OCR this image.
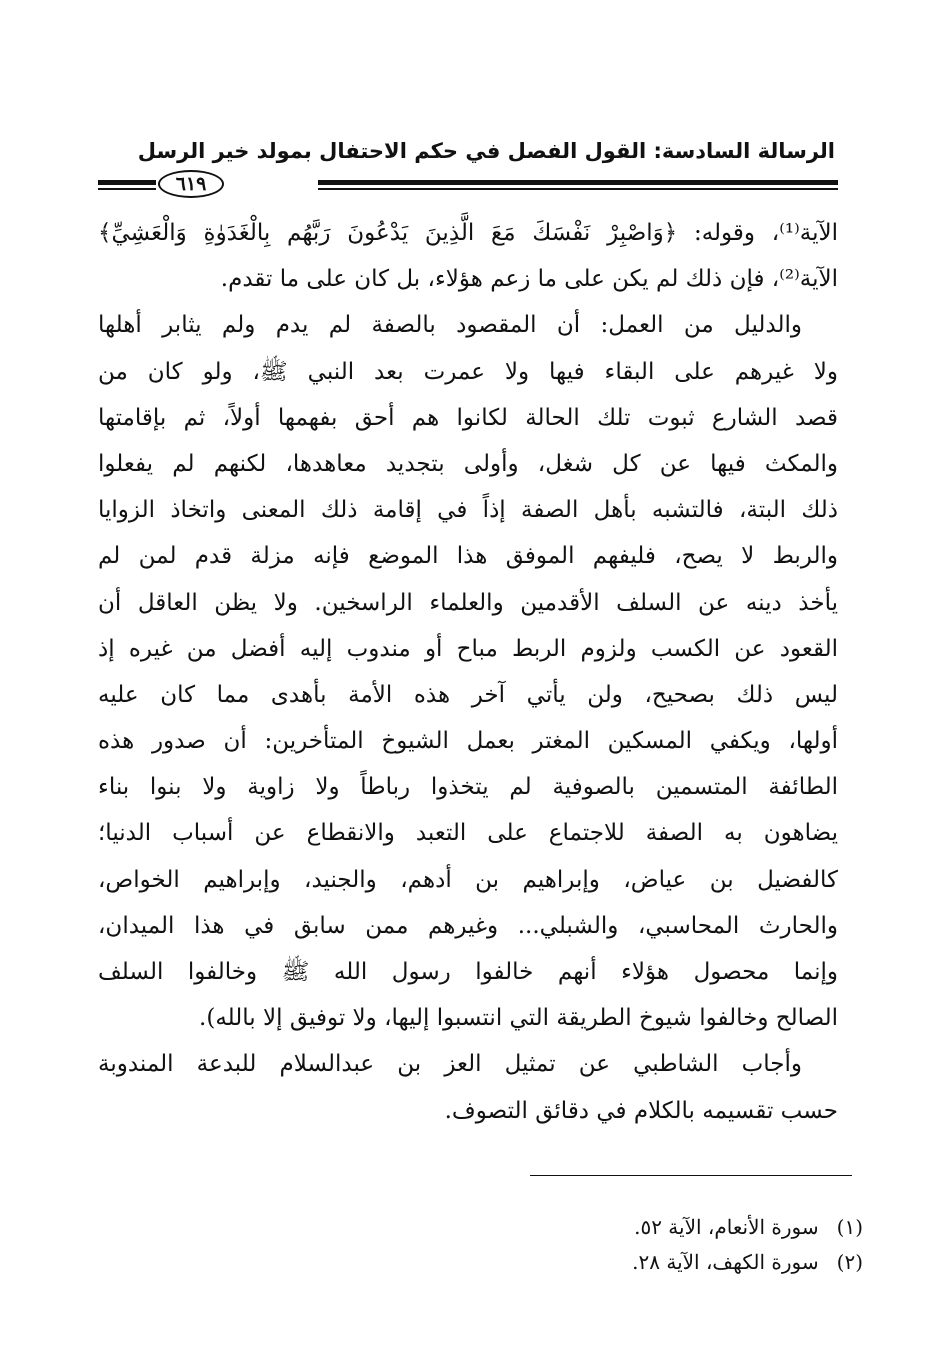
الرسالة السادسة: القول الفصل في حكم الاحتفال بمولد خير الرسل
٦١٩
الآية⁽¹⁾، وقوله: ﴿وَاصْبِرْ نَفْسَكَ مَعَ الَّذِينَ يَدْعُونَ رَبَّهُم بِالْغَدَوٰةِ وَالْعَشِيِّ﴾
الآية⁽²⁾، فإن ذلك لم يكن على ما زعم هؤلاء، بل كان على ما تقدم.
والدليل من العمل: أن المقصود بالصفة لم يدم ولم يثابر أهلها
ولا غيرهم على البقاء فيها ولا عمرت بعد النبي ﷺ، ولو كان من
قصد الشارع ثبوت تلك الحالة لكانوا هم أحق بفهمها أولاً، ثم بإقامتها
والمكث فيها عن كل شغل، وأولى بتجديد معاهدها، لكنهم لم يفعلوا
ذلك البتة، فالتشبه بأهل الصفة إذاً في إقامة ذلك المعنى واتخاذ الزوايا
والربط لا يصح، فليفهم الموفق هذا الموضع فإنه مزلة قدم لمن لم
يأخذ دينه عن السلف الأقدمين والعلماء الراسخين. ولا يظن العاقل أن
القعود عن الكسب ولزوم الربط مباح أو مندوب إليه أفضل من غيره إذ
ليس ذلك بصحيح، ولن يأتي آخر هذه الأمة بأهدى مما كان عليه
أولها، ويكفي المسكين المغتر بعمل الشيوخ المتأخرين: أن صدور هذه
الطائفة المتسمين بالصوفية لم يتخذوا رباطاً ولا زاوية ولا بنوا بناء
يضاهون به الصفة للاجتماع على التعبد والانقطاع عن أسباب الدنيا؛
كالفضيل بن عياض، وإبراهيم بن أدهم، والجنيد، وإبراهيم الخواص،
والحارث المحاسبي، والشبلي... وغيرهم ممن سابق في هذا الميدان،
وإنما محصول هؤلاء أنهم خالفوا رسول الله ﷺ وخالفوا السلف
الصالح وخالفوا شيوخ الطريقة التي انتسبوا إليها، ولا توفيق إلا بالله).
وأجاب الشاطبي عن تمثيل العز بن عبدالسلام للبدعة المندوبة
حسب تقسيمه بالكلام في دقائق التصوف.
(١)سورة الأنعام، الآية ٥٢.
(٢)سورة الكهف، الآية ٢٨.
